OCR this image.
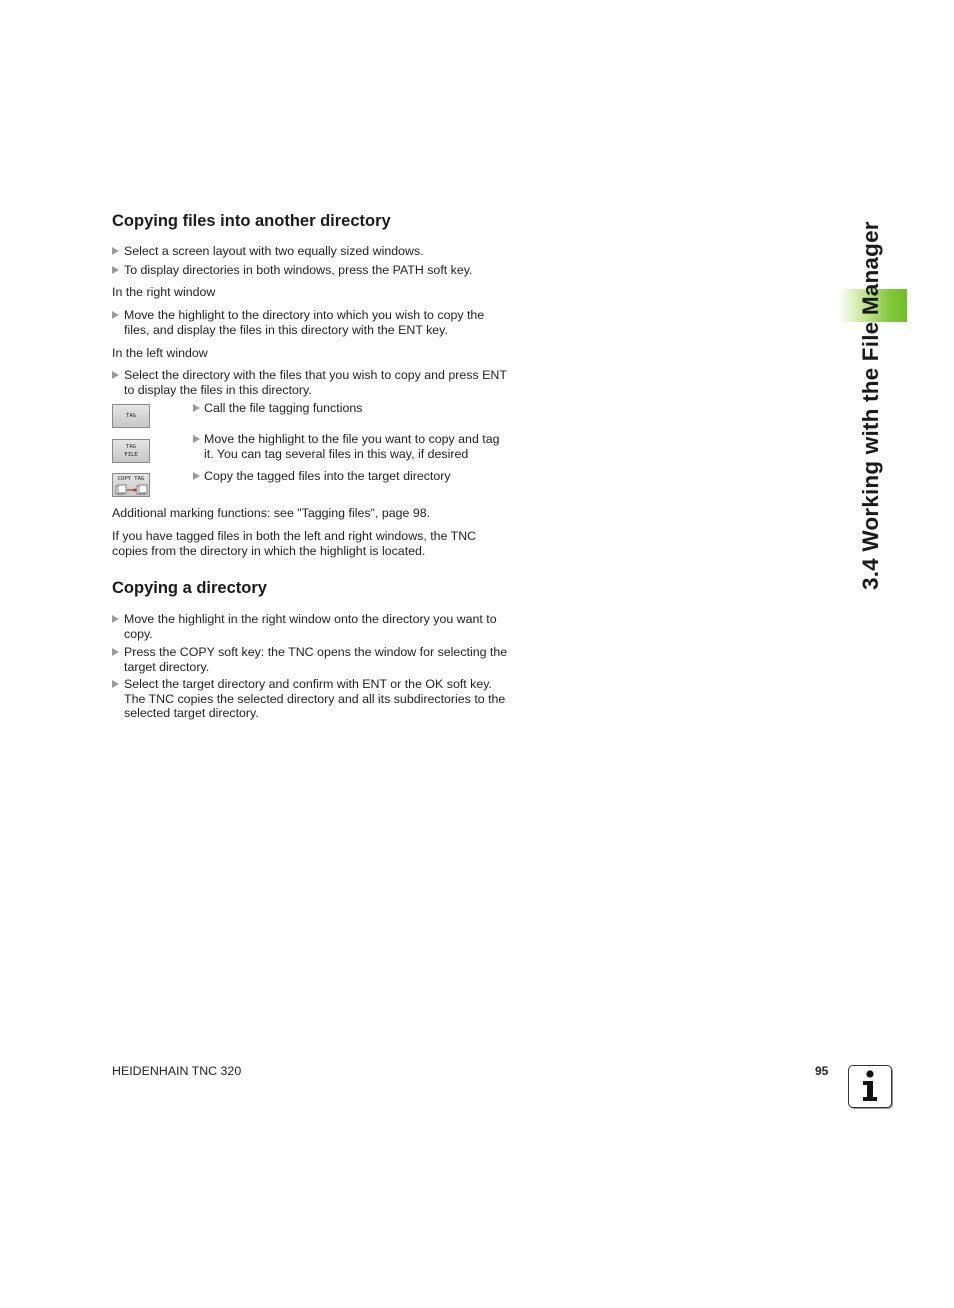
Copying files into another directory
Select a screen layout with two equally sized windows.
To display directories in both windows, press the PATH soft key.
In the right window
Move the highlight to the directory into which you wish to copy the files, and display the files in this directory with the ENT key.
In the left window
Select the directory with the files that you wish to copy and press ENT to display the files in this directory.
TAG
Call the file tagging functions
TAG
FILE
Move the highlight to the file you want to copy and tag it. You can tag several files in this way, if desired
COPY TAG	Copy the tagged files into the target directory
Additional marking functions: see "Tagging files", page 98.
If you have tagged files in both the left and right windows, the TNC copies from the directory in which the highlight is located.
Copying a directory
Move the highlight in the right window onto the directory you want to copy.
Press the COPY soft key: the TNC opens the window for selecting the target directory.
Select the target directory and confirm with ENT or the OK soft key. The TNC copies the selected directory and all its subdirectories to the selected target directory.
3.4 Working with the File Manager
HEIDENHAIN TNC 320	95
